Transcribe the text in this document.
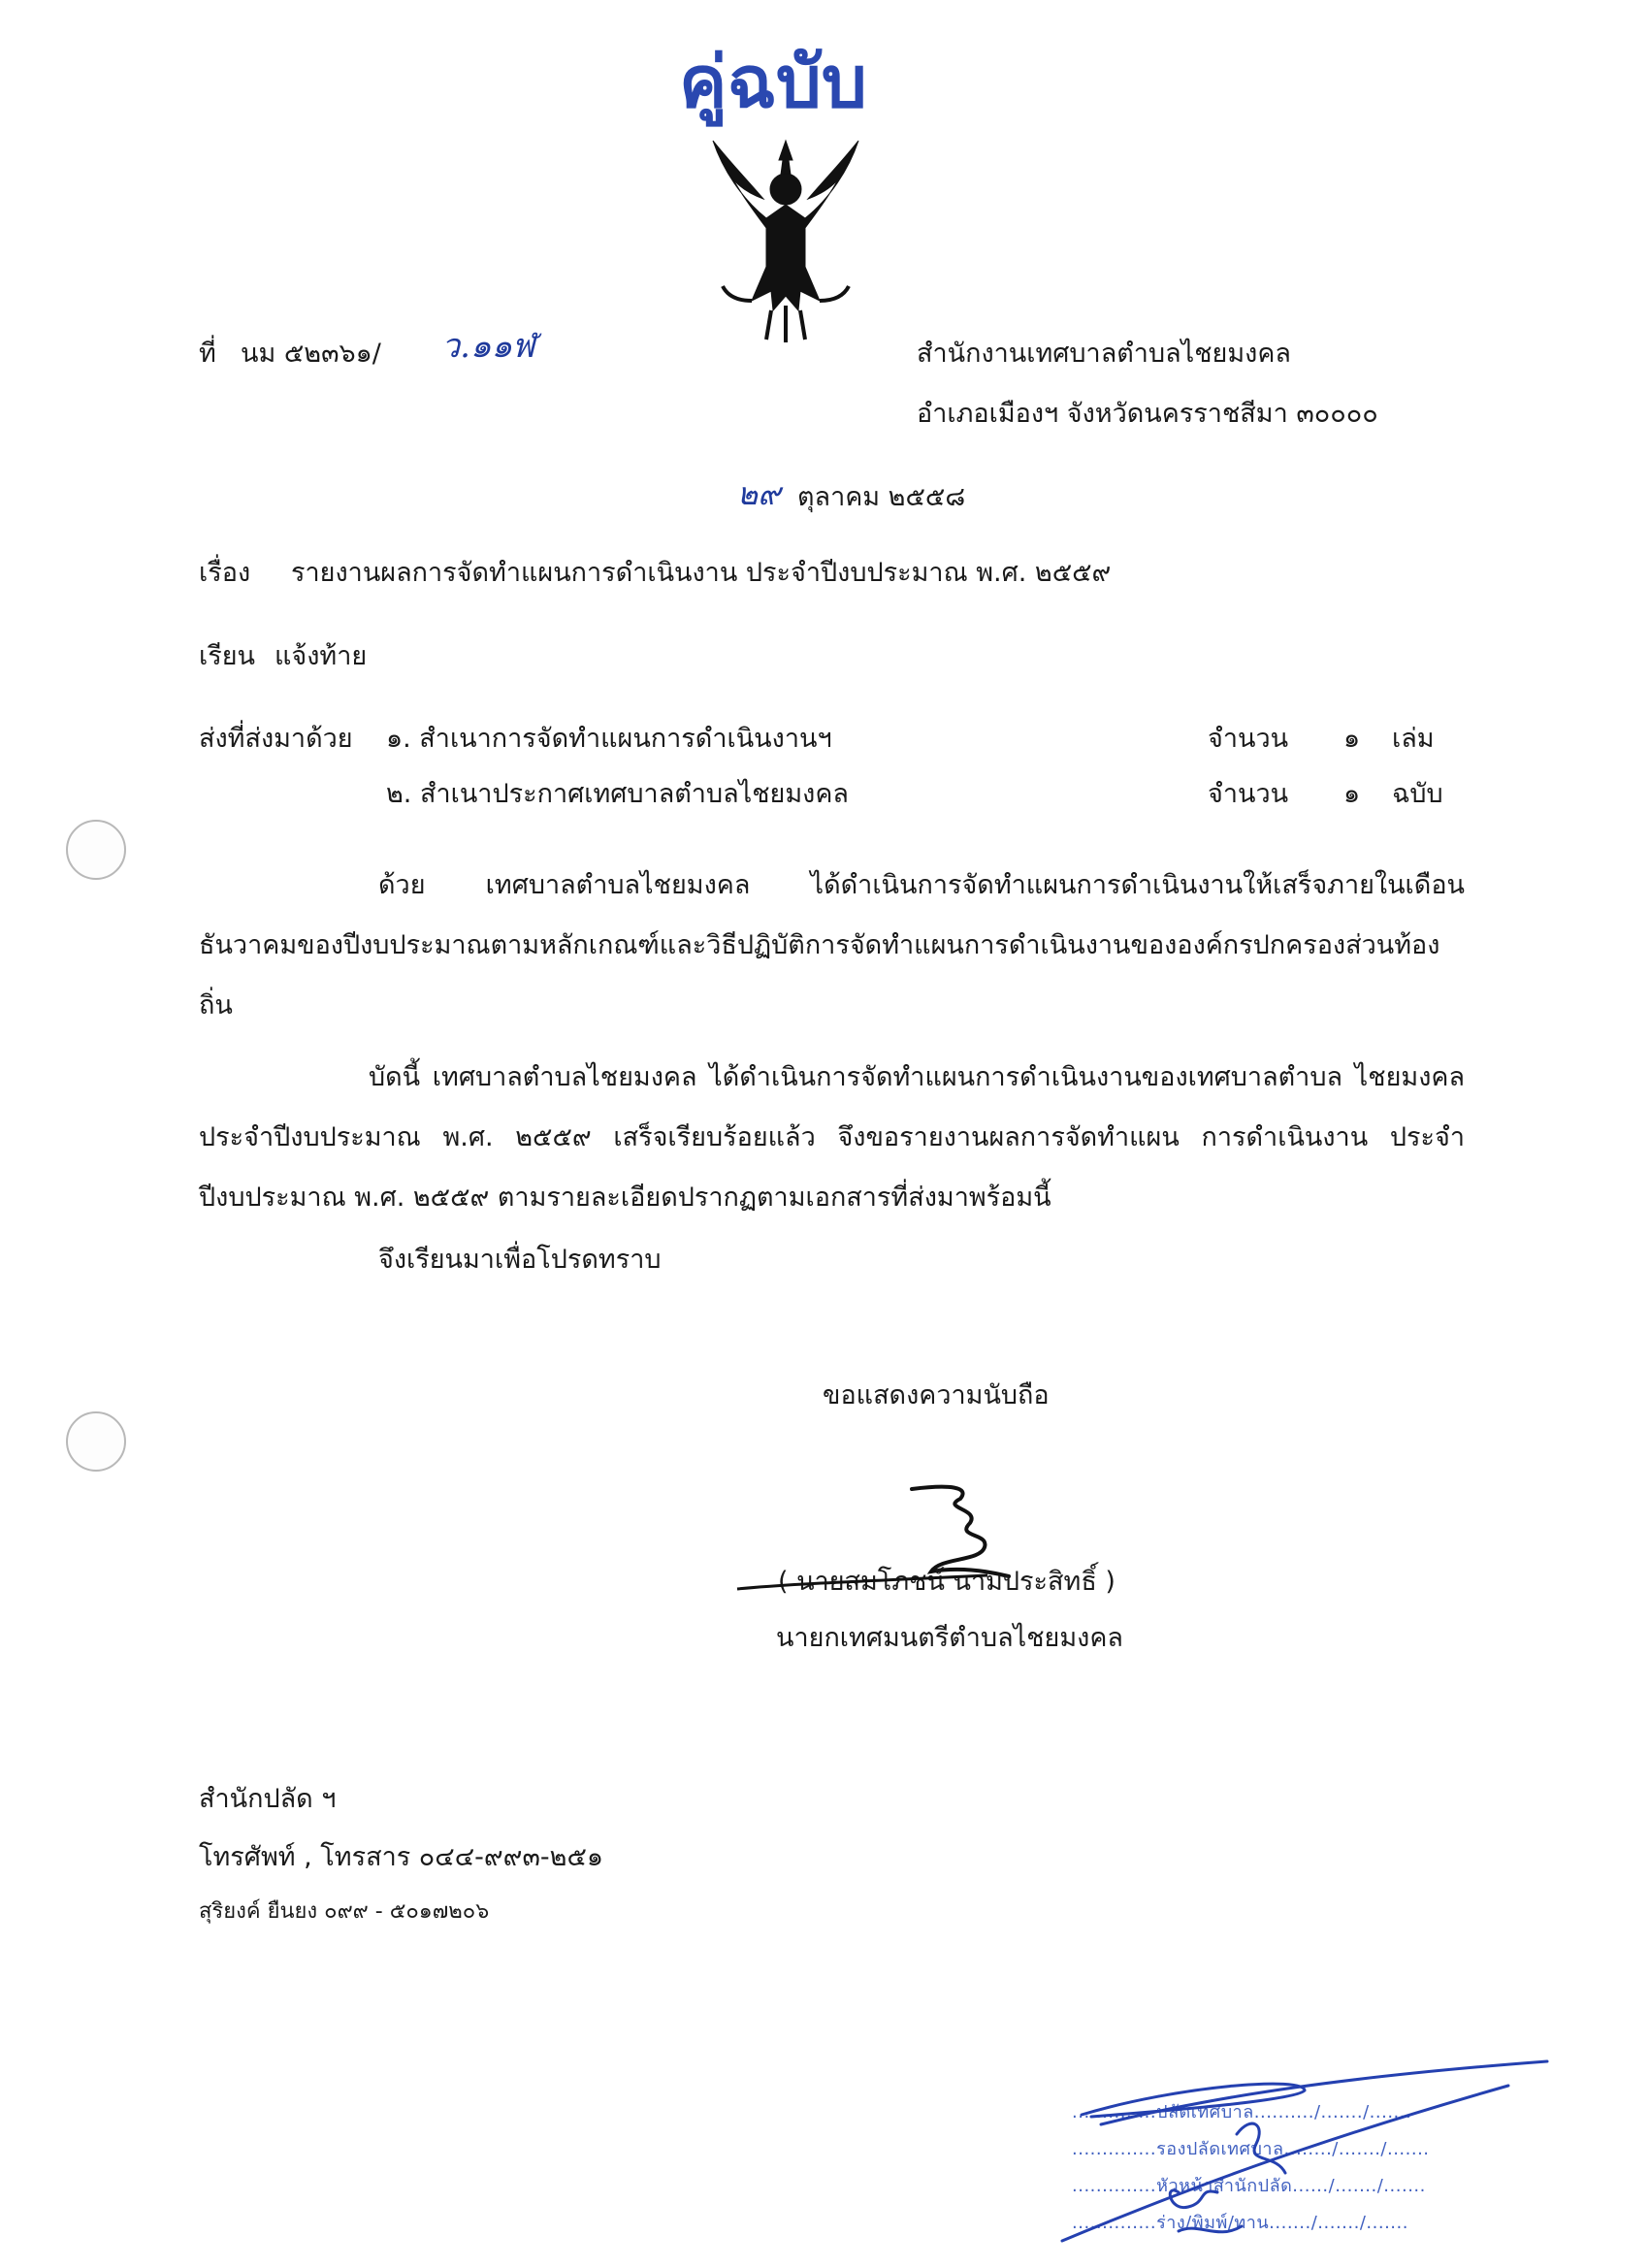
คู่ฉบับ
ที่ นม ๕๒๓๖๑/ ว.๑๑ฬ	สำนักงานเทศบาลตำบลไชยมงคล
อำเภอเมืองฯ จังหวัดนครราชสีมา ๓๐๐๐๐
๒๙ ตุลาคม ๒๕๕๘
เรื่อง รายงานผลการจัดทำแผนการดำเนินงาน ประจำปีงบประมาณ พ.ศ. ๒๕๕๙
เรียน แจ้งท้าย
ส่งที่ส่งมาด้วย ๑. สำเนาการจัดทำแผนการดำเนินงานฯ	จำนวน ๑ เล่ม
๒. สำเนาประกาศเทศบาลตำบลไชยมงคล	จำนวน ๑ ฉบับ
ด้วย เทศบาลตำบลไชยมงคล ได้ดำเนินการจัดทำแผนการดำเนินงานให้เสร็จภายในเดือน ธันวาคมของปีงบประมาณตามหลักเกณฑ์และวิธีปฏิบัติการจัดทำแผนการดำเนินงานขององค์กรปกครองส่วนท้องถิ่น
บัดนี้ เทศบาลตำบลไชยมงคล ได้ดำเนินการจัดทำแผนการดำเนินงานของเทศบาลตำบล ไชยมงคล ประจำปีงบประมาณ พ.ศ. ๒๕๕๙ เสร็จเรียบร้อยแล้ว จึงขอรายงานผลการจัดทำแผน การดำเนินงาน ประจำปีงบประมาณ พ.ศ. ๒๕๕๙ ตามรายละเอียดปรากฏตามเอกสารที่ส่งมาพร้อมนี้
จึงเรียนมาเพื่อโปรดทราบ
ขอแสดงความนับถือ
( นายสมโภชน์ นามประสิทธิ์ )
นายกเทศมนตรีตำบลไชยมงคล
สำนักปลัด ฯ
โทรศัพท์ , โทรสาร ๐๔๔-๙๙๓-๒๕๑
สุริยงค์ ยืนยง ๐๙๙ - ๕๐๑๗๒๐๖
..............ปลัดเทศบาล........../......./.......
..............รองปลัดเทศบาล......../......./.......
..............หัวหน้าสำนักปลัด....../......./.......
..............ร่าง/พิมพ์/ทาน......./......./.......
